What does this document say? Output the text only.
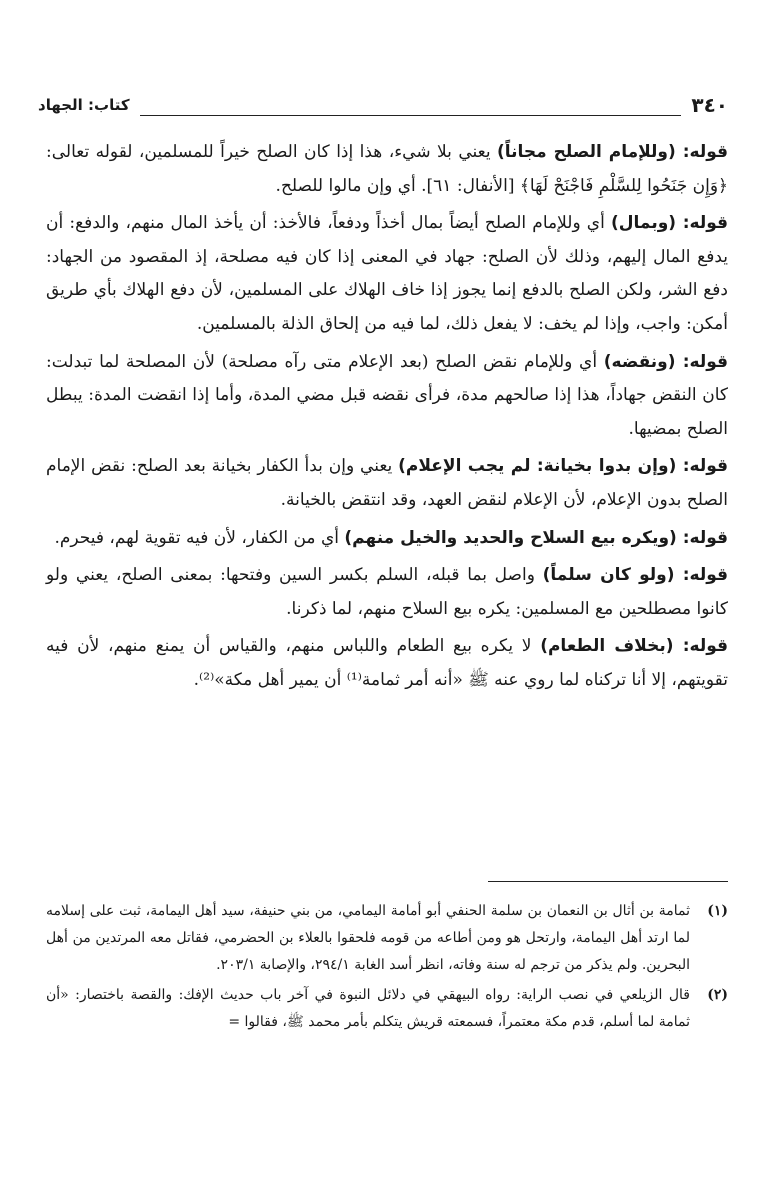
٣٤٠
كتاب: الجهاد

قوله: (وللإمام الصلح مجاناً) يعني بلا شيء، هذا إذا كان الصلح خيراً للمسلمين، لقوله تعالى: ﴿وَإِن جَنَحُوا لِلسَّلْمِ فَاجْنَحْ لَهَا﴾ [الأنفال: ٦١]. أي وإن مالوا للصلح.

قوله: (وبمال) أي وللإمام الصلح أيضاً بمال أخذاً ودفعاً، فالأخذ: أن يأخذ المال منهم، والدفع: أن يدفع المال إليهم، وذلك لأن الصلح: جهاد في المعنى إذا كان فيه مصلحة، إذ المقصود من الجهاد: دفع الشر، ولكن الصلح بالدفع إنما يجوز إذا خاف الهلاك على المسلمين، لأن دفع الهلاك بأي طريق أمكن: واجب، وإذا لم يخف: لا يفعل ذلك، لما فيه من إلحاق الذلة بالمسلمين.

قوله: (ونقضه) أي وللإمام نقض الصلح (بعد الإعلام متى رآه مصلحة) لأن المصلحة لما تبدلت: كان النقض جهاداً، هذا إذا صالحهم مدة، فرأى نقضه قبل مضي المدة، وأما إذا انقضت المدة: يبطل الصلح بمضيها.

قوله: (وإن بدوا بخيانة: لم يجب الإعلام) يعني وإن بدأ الكفار بخيانة بعد الصلح: نقض الإمام الصلح بدون الإعلام، لأن الإعلام لنقض العهد، وقد انتقض بالخيانة.

قوله: (ويكره بيع السلاح والحديد والخيل منهم) أي من الكفار، لأن فيه تقوية لهم، فيحرم.

قوله: (ولو كان سلماً) واصل بما قبله، السلم بكسر السين وفتحها: بمعنى الصلح، يعني ولو كانوا مصطلحين مع المسلمين: يكره بيع السلاح منهم، لما ذكرنا.

قوله: (بخلاف الطعام) لا يكره بيع الطعام واللباس منهم، والقياس أن يمنع منهم، لأن فيه تقويتهم، إلا أنا تركناه لما روي عنه ﷺ «أنه أمر ثمامة⁽¹⁾ أن يمير أهل مكة»⁽²⁾.

(١)
ثمامة بن أثال بن النعمان بن سلمة الحنفي أبو أمامة اليمامي، من بني حنيفة، سيد أهل اليمامة، ثبت على إسلامه لما ارتد أهل اليمامة، وارتحل هو ومن أطاعه من قومه فلحقوا بالعلاء بن الحضرمي، فقاتل معه المرتدين من أهل البحرين. ولم يذكر من ترجم له سنة وفاته، انظر أسد الغابة ٢٩٤/١، والإصابة ٢٠٣/١.
(٢)
قال الزيلعي في نصب الراية: رواه البيهقي في دلائل النبوة في آخر باب حديث الإفك: والقصة باختصار: «أن ثمامة لما أسلم، قدم مكة معتمراً، فسمعته قريش يتكلم بأمر محمد ﷺ، فقالوا =
